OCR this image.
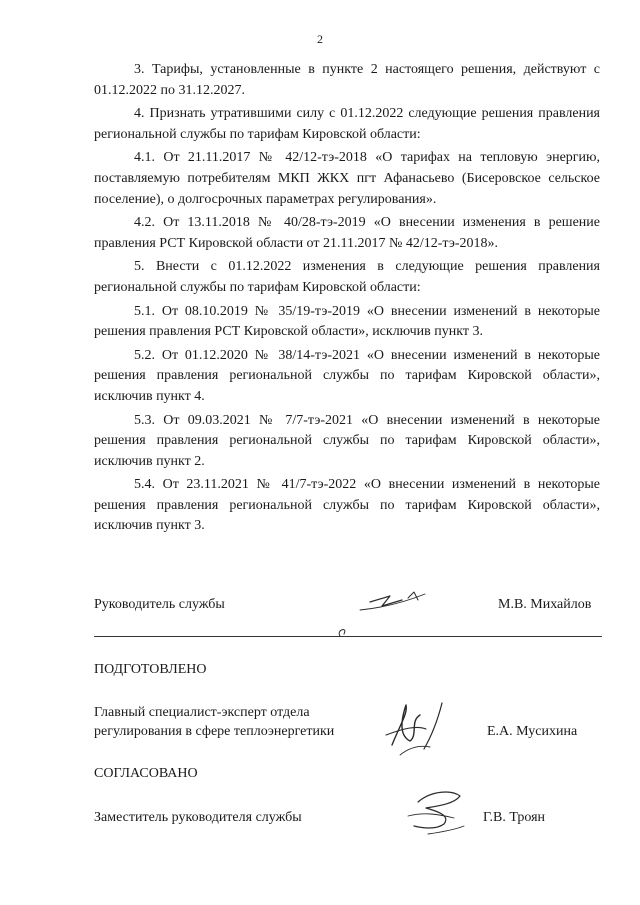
2

3. Тарифы, установленные в пункте 2 настоящего решения, действуют с 01.12.2022 по 31.12.2027.

4. Признать утратившими силу с 01.12.2022 следующие решения правления региональной службы по тарифам Кировской области:

4.1. От 21.11.2017 № 42/12-тэ-2018 «О тарифах на тепловую энергию, поставляемую потребителям МКП ЖКХ пгт Афанасьево (Бисеровское сельское поселение), о долгосрочных параметрах регулирования».

4.2. От 13.11.2018 № 40/28-тэ-2019 «О внесении изменения в решение правления РСТ Кировской области от 21.11.2017 № 42/12-тэ-2018».

5. Внести с 01.12.2022 изменения в следующие решения правления региональной службы по тарифам Кировской области:

5.1. От 08.10.2019 № 35/19-тэ-2019 «О внесении изменений в некоторые решения правления РСТ Кировской области», исключив пункт 3.

5.2. От 01.12.2020 № 38/14-тэ-2021 «О внесении изменений в некоторые решения правления региональной службы по тарифам Кировской области», исключив пункт 4.

5.3. От 09.03.2021 № 7/7-тэ-2021 «О внесении изменений в некоторые решения правления региональной службы по тарифам Кировской области», исключив пункт 2.

5.4. От 23.11.2021 № 41/7-тэ-2022 «О внесении изменений в некоторые решения правления региональной службы по тарифам Кировской области», исключив пункт 3.

Руководитель службы	М.В. Михайлов
ПОДГОТОВЛЕНО
Главный специалист-эксперт отдела
регулирования в сфере теплоэнергетики	Е.А. Мусихина
СОГЛАСОВАНО
Заместитель руководителя службы	Г.В. Троян
